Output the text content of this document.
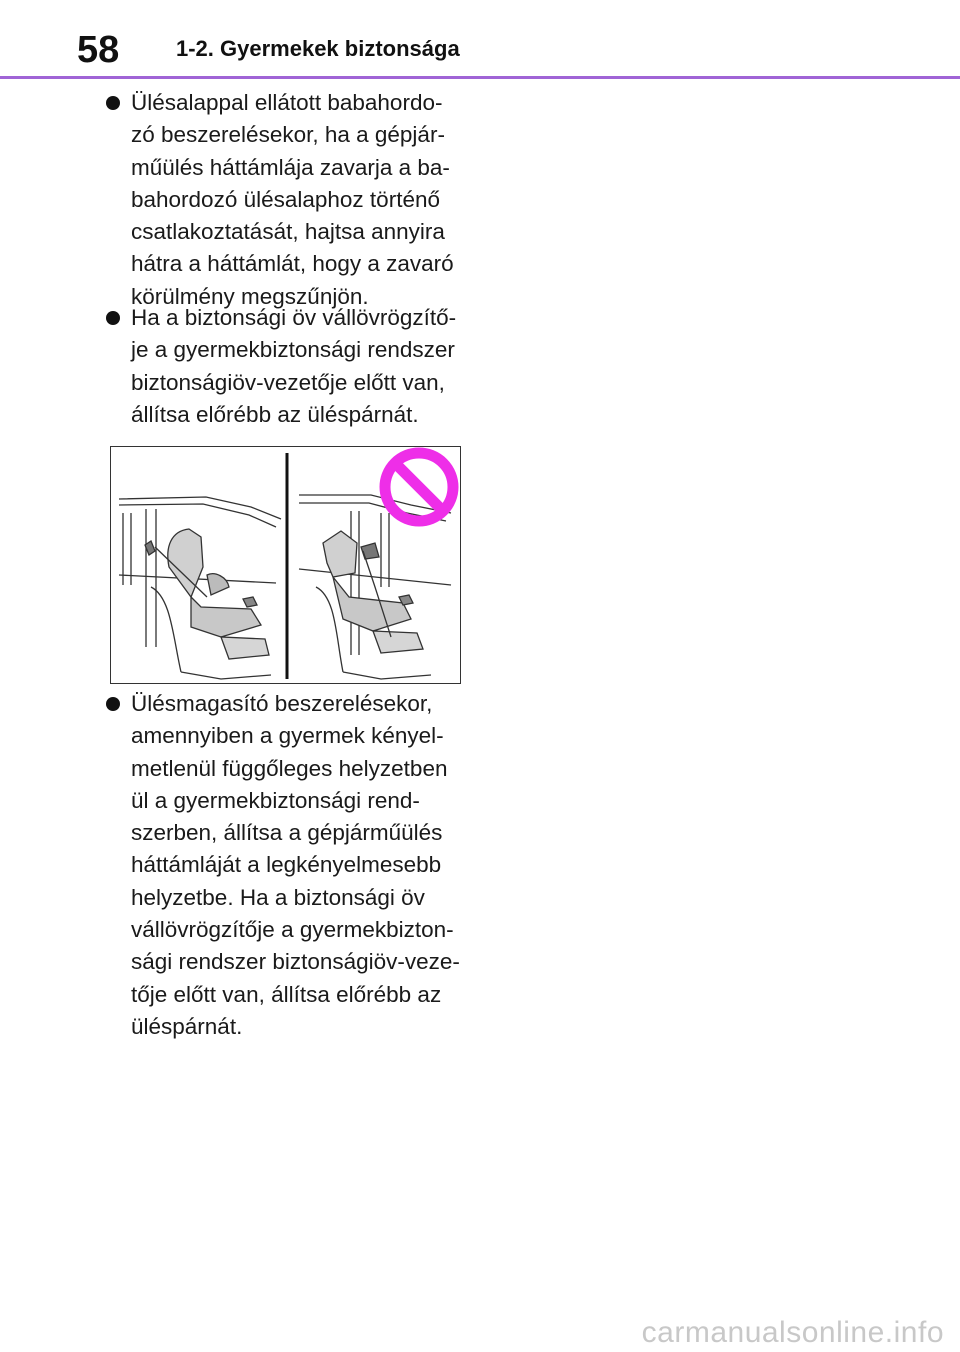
58	1-2. Gyermekek biztonsága
Ülésalappal ellátott babahordo-
zó beszerelésekor, ha a gépjár-
műülés háttámlája zavarja a ba-
bahordozó ülésalaphoz történő
csatlakoztatását, hajtsa annyira
hátra a háttámlát, hogy a zavaró
körülmény megszűnjön.
Ha a biztonsági öv vállövrögzítő-
je a gyermekbiztonsági rendszer
biztonságiöv-vezetője előtt van,
állítsa előrébb az üléspárnát.
Ülésmagasító beszerelésekor,
amennyiben a gyermek kényel-
metlenül függőleges helyzetben
ül a gyermekbiztonsági rend-
szerben, állítsa a gépjárműülés
háttámláját a legkényelmesebb
helyzetbe. Ha a biztonsági öv
vállövrögzítője a gyermekbizton-
sági rendszer biztonságiöv-veze-
tője előtt van, állítsa előrébb az
üléspárnát.
carmanualsonline.info
